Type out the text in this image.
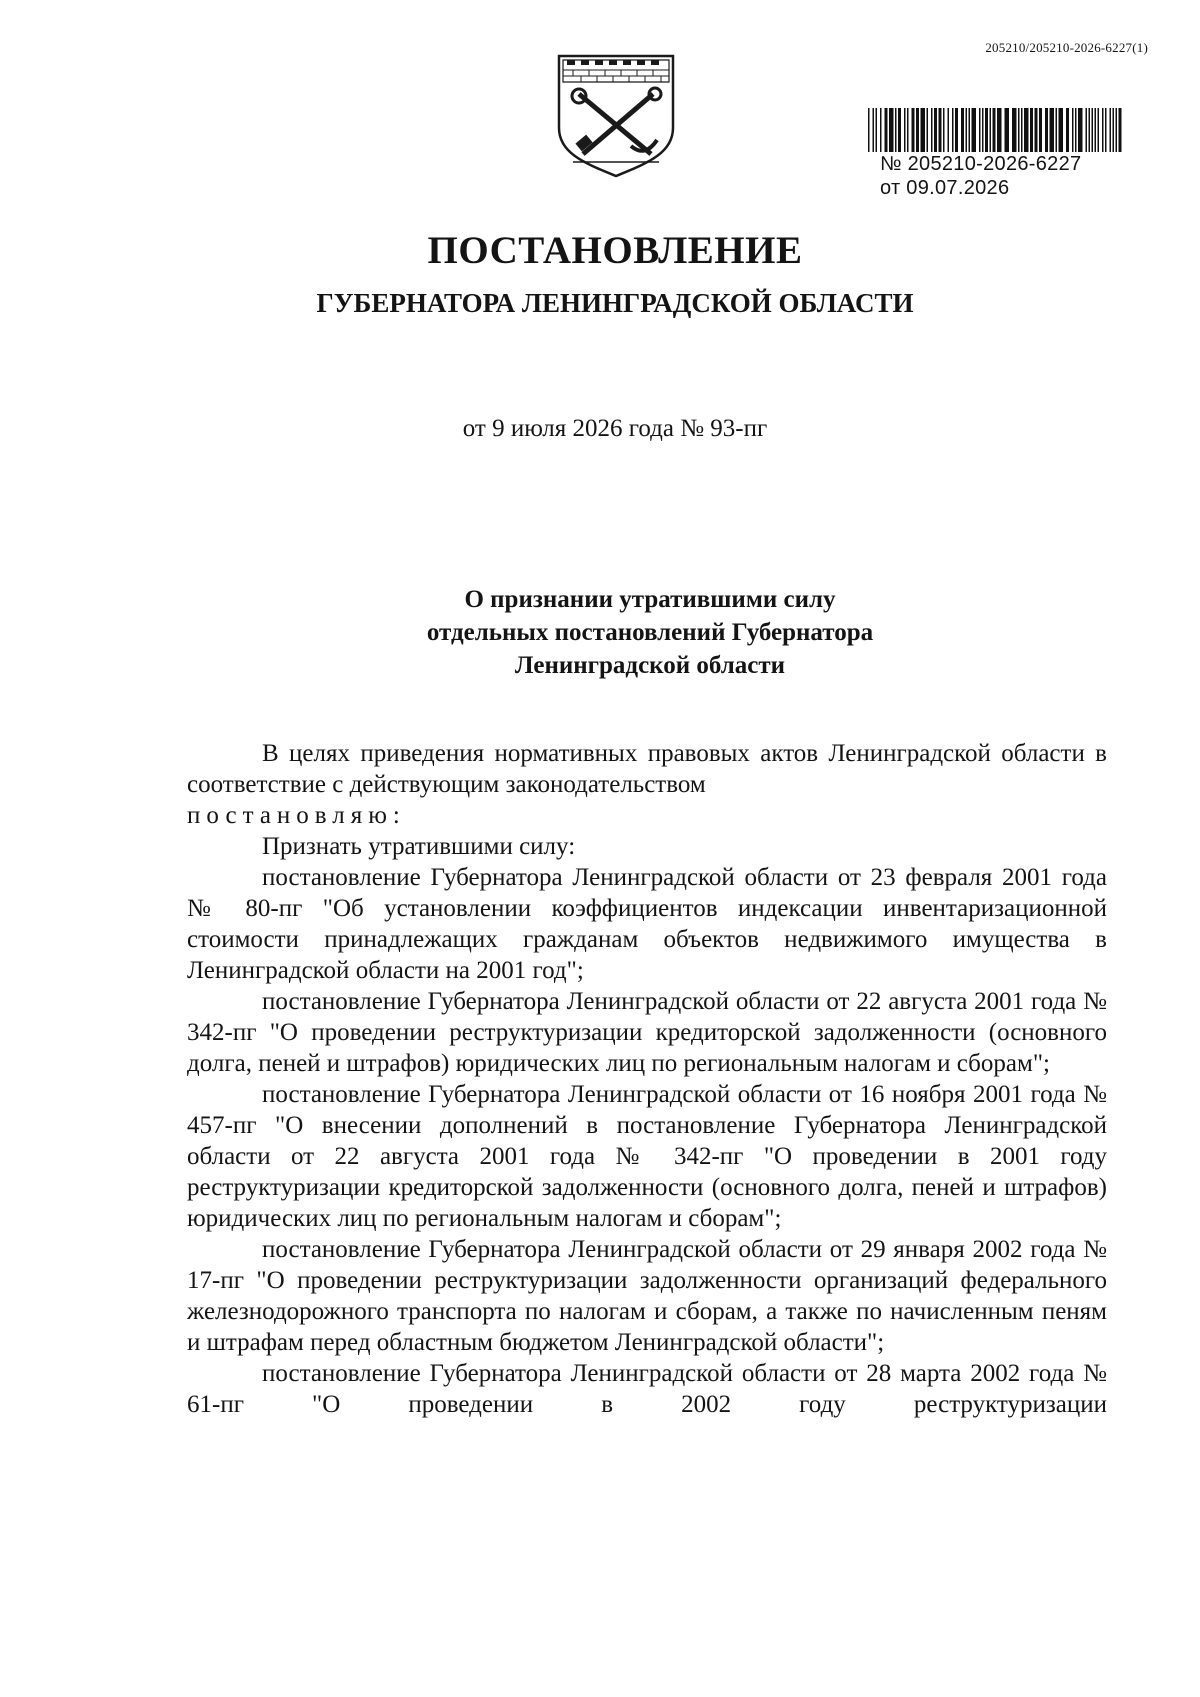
205210/205210-2026-6227(1)
№ 205210-2026-6227
от 09.07.2026
ПОСТАНОВЛЕНИЕ
ГУБЕРНАТОРА ЛЕНИНГРАДСКОЙ ОБЛАСТИ
от 9 июля 2026 года № 93-пг
О признании утратившими силу
отдельных постановлений Губернатора
Ленинградской области

В целях приведения нормативных правовых актов Ленинградской области в соответствие с действующим законодательством

постановляю:

Признать утратившими силу:

постановление Губернатора Ленинградской области от 23 февраля 2001 года № 80-пг "Об установлении коэффициентов индексации инвентаризационной стоимости принадлежащих гражданам объектов недвижимого имущества в Ленинградской области на 2001 год";

постановление Губернатора Ленинградской области от 22 августа 2001 года № 342-пг "О проведении реструктуризации кредиторской задолженности (основного долга, пеней и штрафов) юридических лиц по региональным налогам и сборам";

постановление Губернатора Ленинградской области от 16 ноября 2001 года № 457-пг "О внесении дополнений в постановление Губернатора Ленинградской области от 22 августа 2001 года № 342-пг "О проведении в 2001 году реструктуризации кредиторской задолженности (основного долга, пеней и штрафов) юридических лиц по региональным налогам и сборам";

постановление Губернатора Ленинградской области от 29 января 2002 года № 17-пг "О проведении реструктуризации задолженности организаций федерального железнодорожного транспорта по налогам и сборам, а также по начисленным пеням и штрафам перед областным бюджетом Ленинградской области";

постановление Губернатора Ленинградской области от 28 марта 2002 года № 61-пг "О проведении в 2002 году реструктуризации
